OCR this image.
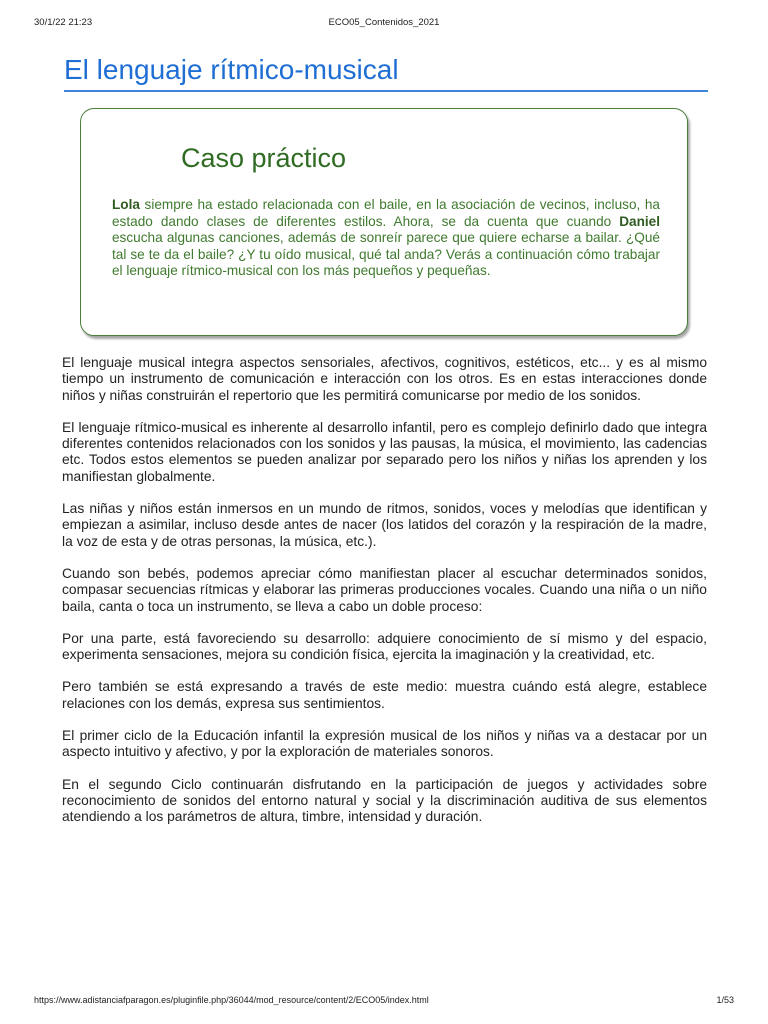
30/1/22 21:23	ECO05_Contenidos_2021
El lenguaje rítmico-musical
Caso práctico

Lola siempre ha estado relacionada con el baile, en la asociación de vecinos, incluso, ha estado dando clases de diferentes estilos. Ahora, se da cuenta que cuando Daniel escucha algunas canciones, además de sonreír parece que quiere echarse a bailar. ¿Qué tal se te da el baile? ¿Y tu oído musical, qué tal anda? Verás a continuación cómo trabajar el lenguaje rítmico-musical con los más pequeños y pequeñas.

El lenguaje musical integra aspectos sensoriales, afectivos, cognitivos, estéticos, etc... y es al mismo tiempo un instrumento de comunicación e interacción con los otros. Es en estas interacciones donde niños y niñas construirán el repertorio que les permitirá comunicarse por medio de los sonidos.

El lenguaje rítmico-musical es inherente al desarrollo infantil, pero es complejo definirlo dado que integra diferentes contenidos relacionados con los sonidos y las pausas, la música, el movimiento, las cadencias etc. Todos estos elementos se pueden analizar por separado pero los niños y niñas los aprenden y los manifiestan globalmente.

Las niñas y niños están inmersos en un mundo de ritmos, sonidos, voces y melodías que identifican y empiezan a asimilar, incluso desde antes de nacer (los latidos del corazón y la respiración de la madre, la voz de esta y de otras personas, la música, etc.).

Cuando son bebés, podemos apreciar cómo manifiestan placer al escuchar determinados sonidos, compasar secuencias rítmicas y elaborar las primeras producciones vocales. Cuando una niña o un niño baila, canta o toca un instrumento, se lleva a cabo un doble proceso:

Por una parte, está favoreciendo su desarrollo: adquiere conocimiento de sí mismo y del espacio, experimenta sensaciones, mejora su condición física, ejercita la imaginación y la creatividad, etc.

Pero también se está expresando a través de este medio: muestra cuándo está alegre, establece relaciones con los demás, expresa sus sentimientos.

El primer ciclo de la Educación infantil la expresión musical de los niños y niñas va a destacar por un aspecto intuitivo y afectivo, y por la exploración de materiales sonoros.

En el segundo Ciclo continuarán disfrutando en la participación de juegos y actividades sobre reconocimiento de sonidos del entorno natural y social y la discriminación auditiva de sus elementos atendiendo a los parámetros de altura, timbre, intensidad y duración.

https://www.adistanciafparagon.es/pluginfile.php/36044/mod_resource/content/2/ECO05/index.html	1/53
